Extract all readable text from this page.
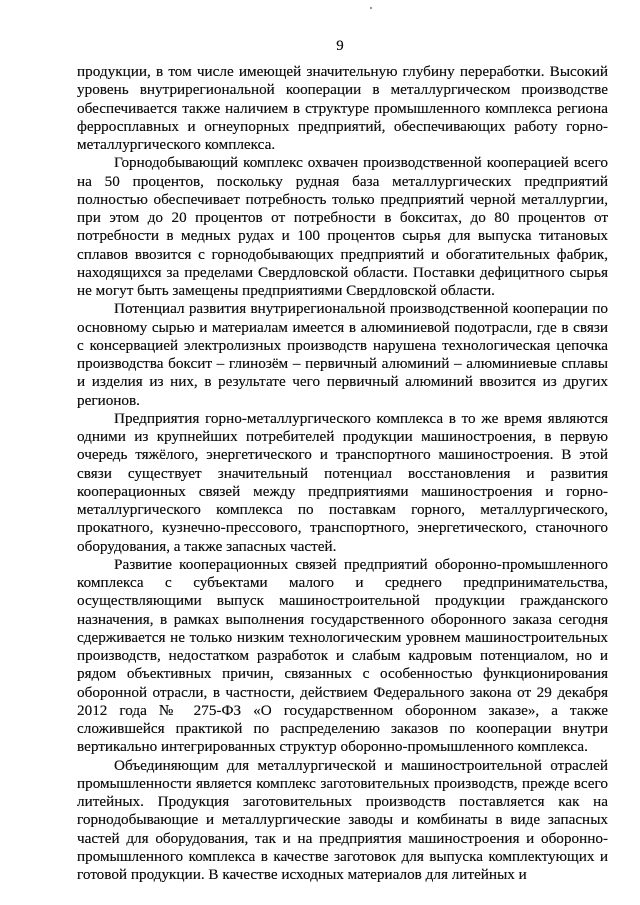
9

продукции, в том числе имеющей значительную глубину переработки. Высокий уровень внутрирегиональной кооперации в металлургическом производстве обеспечивается также наличием в структуре промышленного комплекса региона ферросплавных и огнеупорных предприятий, обеспечивающих работу горно-металлургического комплекса.

Горнодобывающий комплекс охвачен производственной кооперацией всего на 50 процентов, поскольку рудная база металлургических предприятий полностью обеспечивает потребность только предприятий черной металлургии, при этом до 20 процентов от потребности в бокситах, до 80 процентов от потребности в медных рудах и 100 процентов сырья для выпуска титановых сплавов ввозится с горнодобывающих предприятий и обогатительных фабрик, находящихся за пределами Свердловской области. Поставки дефицитного сырья не могут быть замещены предприятиями Свердловской области.

Потенциал развития внутрирегиональной производственной кооперации по основному сырью и материалам имеется в алюминиевой подотрасли, где в связи с консервацией электролизных производств нарушена технологическая цепочка производства боксит – глинозём – первичный алюминий – алюминиевые сплавы и изделия из них, в результате чего первичный алюминий ввозится из других регионов.

Предприятия горно-металлургического комплекса в то же время являются одними из крупнейших потребителей продукции машиностроения, в первую очередь тяжёлого, энергетического и транспортного машиностроения. В этой связи существует значительный потенциал восстановления и развития кооперационных связей между предприятиями машиностроения и горно-металлургического комплекса по поставкам горного, металлургического, прокатного, кузнечно-прессового, транспортного, энергетического, станочного оборудования, а также запасных частей.

Развитие кооперационных связей предприятий оборонно-промышленного комплекса с субъектами малого и среднего предпринимательства, осуществляющими выпуск машиностроительной продукции гражданского назначения, в рамках выполнения государственного оборонного заказа сегодня сдерживается не только низким технологическим уровнем машиностроительных производств, недостатком разработок и слабым кадровым потенциалом, но и рядом объективных причин, связанных с особенностью функционирования оборонной отрасли, в частности, действием Федерального закона от 29 декабря 2012 года № 275-ФЗ «О государственном оборонном заказе», а также сложившейся практикой по распределению заказов по кооперации внутри вертикально интегрированных структур оборонно-промышленного комплекса.

Объединяющим для металлургической и машиностроительной отраслей промышленности является комплекс заготовительных производств, прежде всего литейных. Продукция заготовительных производств поставляется как на горнодобывающие и металлургические заводы и комбинаты в виде запасных частей для оборудования, так и на предприятия машиностроения и оборонно-промышленного комплекса в качестве заготовок для выпуска комплектующих и готовой продукции. В качестве исходных материалов для литейных и
